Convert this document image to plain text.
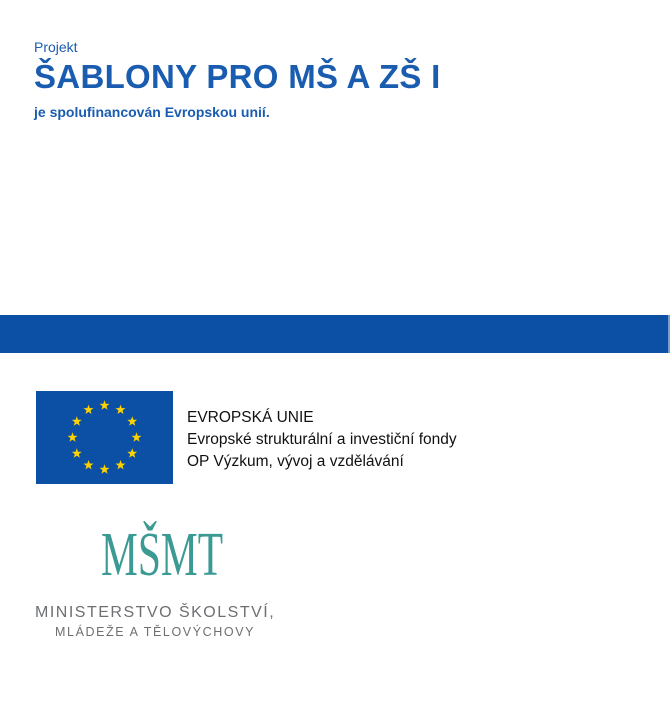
Projekt
ŠABLONY PRO MŠ A ZŠ I
je spolufinancován Evropskou unií.
EVROPSKÁ UNIE
Evropské strukturální a investiční fondy
OP Výzkum, vývoj a vzdělávání
MŠMT
MINISTERSTVO ŠKOLSTVÍ,
MLÁDEŽE A TĚLOVÝCHOVY
